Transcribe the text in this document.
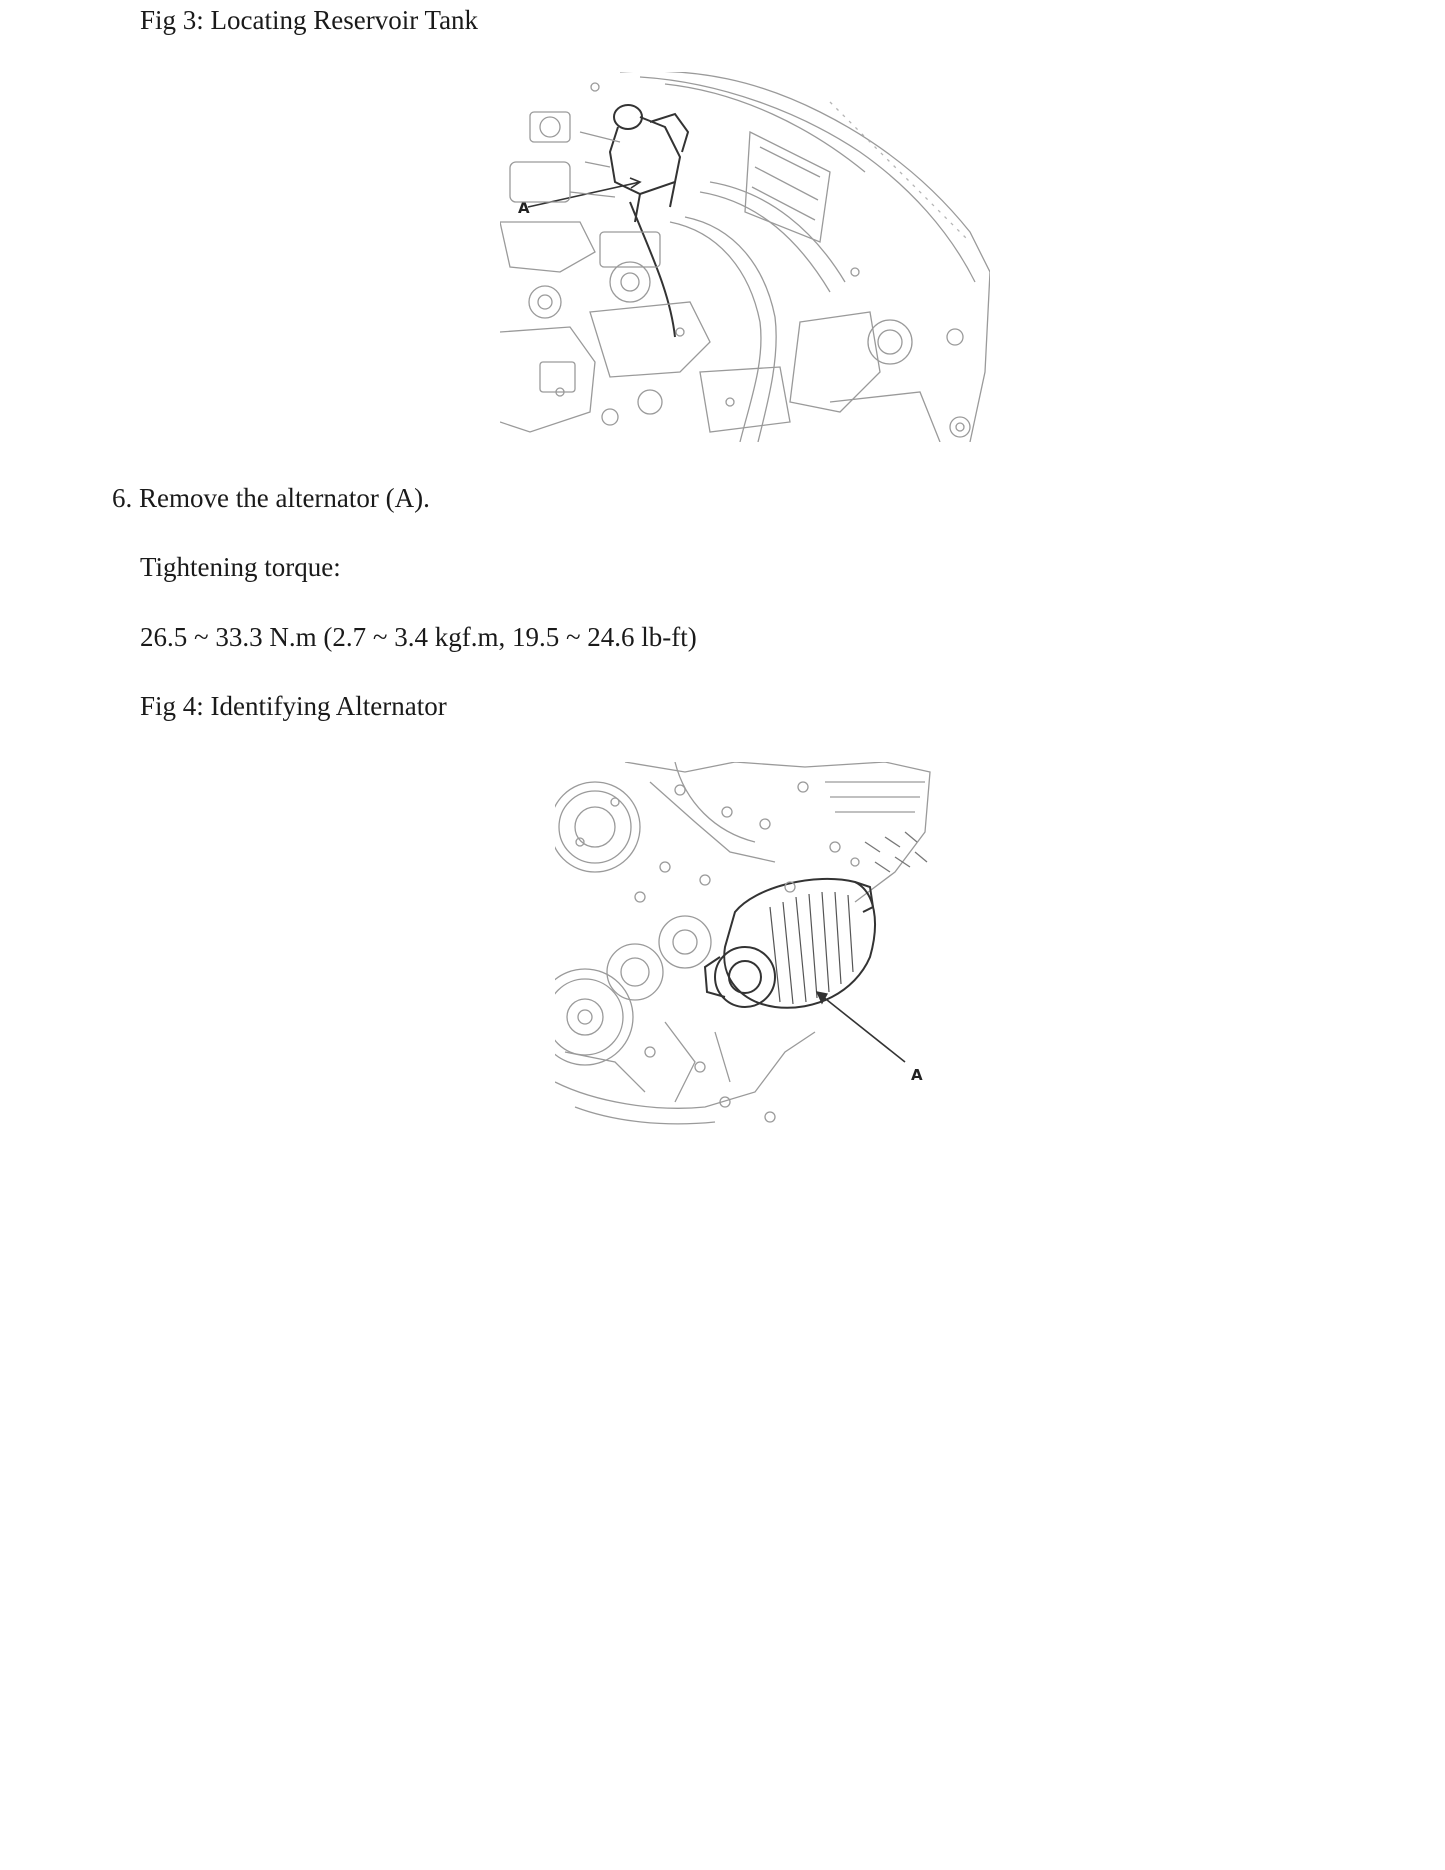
Fig 3: Locating Reservoir Tank
A
6. Remove the alternator (A).
Tightening torque:
26.5 ~ 33.3 N.m (2.7 ~ 3.4 kgf.m, 19.5 ~ 24.6 lb-ft)
Fig 4: Identifying Alternator
A
